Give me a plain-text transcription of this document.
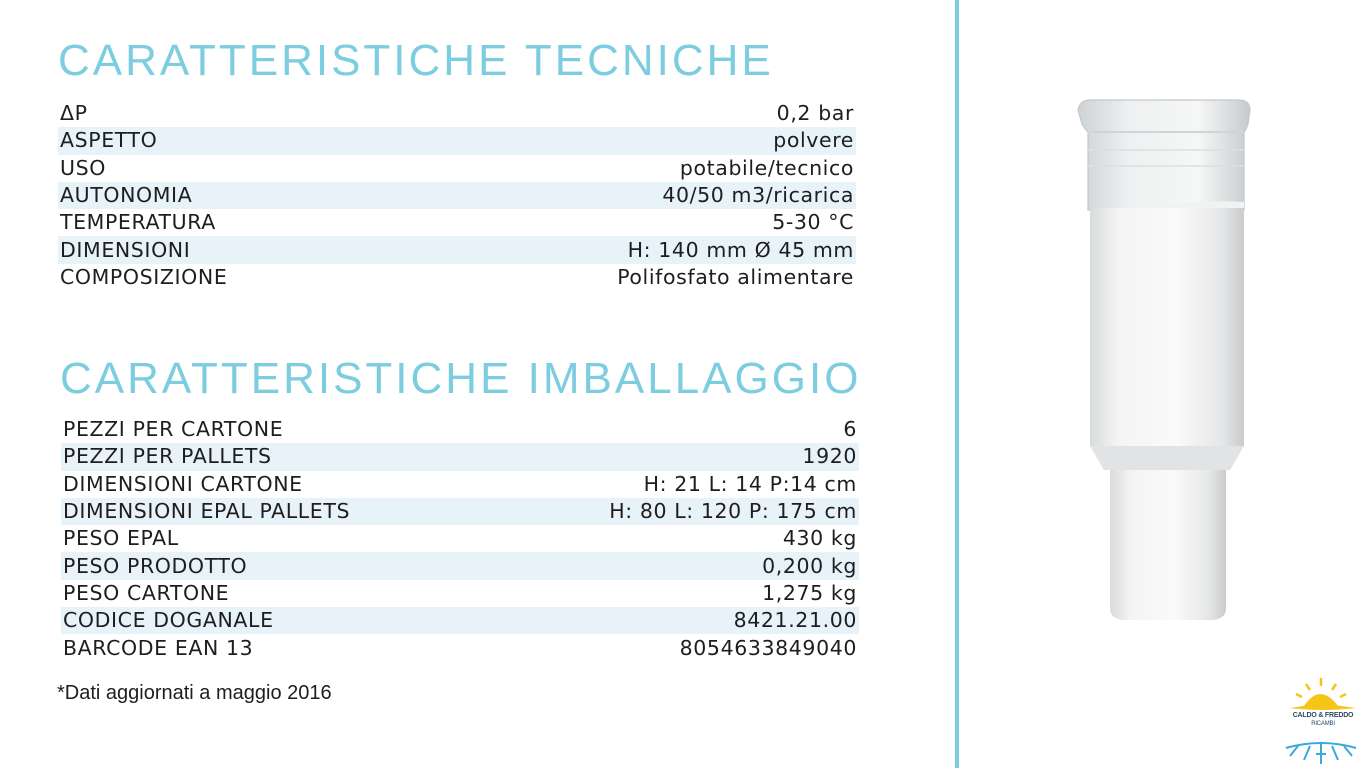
CARATTERISTICHE TECNICHE
ΔP	0,2 bar
ASPETTO	polvere
USO	potabile/tecnico
AUTONOMIA	40/50 m3/ricarica
TEMPERATURA	5-30 °C
DIMENSIONI	H: 140 mm Ø 45 mm
COMPOSIZIONE	Polifosfato alimentare
CARATTERISTICHE IMBALLAGGIO
PEZZI PER CARTONE	6
PEZZI PER PALLETS	1920
DIMENSIONI CARTONE	H: 21 L: 14 P:14 cm
DIMENSIONI EPAL PALLETS	H: 80 L: 120 P: 175 cm
PESO EPAL	430 kg
PESO PRODOTTO	0,200 kg
PESO CARTONE	1,275 kg
CODICE DOGANALE	8421.21.00
BARCODE EAN 13	8054633849040
*Dati aggiornati a maggio 2016
CALDO & FREDDO
RICAMBI
